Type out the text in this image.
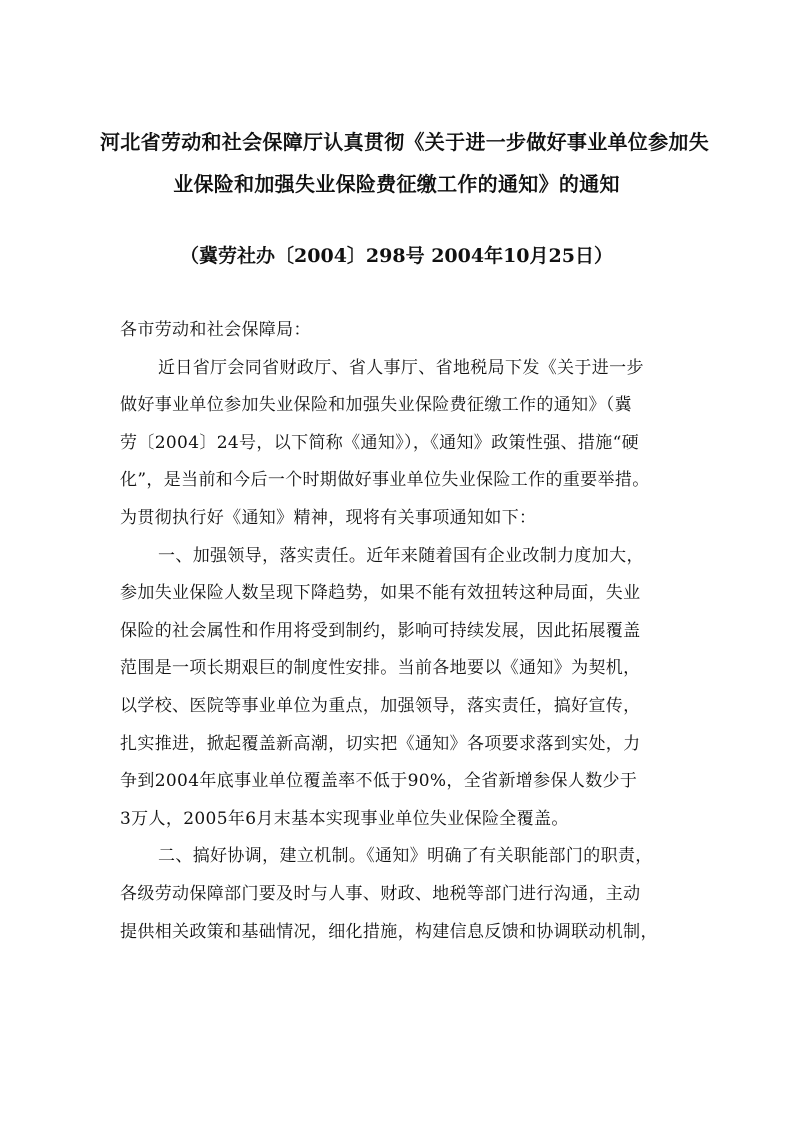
河北省劳动和社会保障厅认真贯彻《关于进一步做好事业单位参加失
业保险和加强失业保险费征缴工作的通知》的通知
（冀劳社办〔2004〕298号 2004年10月25日）
各市劳动和社会保障局：
近日省厅会同省财政厅、省人事厅、省地税局下发《关于进一步
做好事业单位参加失业保险和加强失业保险费征缴工作的通知》（冀
劳〔2004〕24号，以下简称《通知》），《通知》政策性强、措施“硬
化”，是当前和今后一个时期做好事业单位失业保险工作的重要举措。
为贯彻执行好《通知》精神，现将有关事项通知如下：
一、加强领导，落实责任。近年来随着国有企业改制力度加大，
参加失业保险人数呈现下降趋势，如果不能有效扭转这种局面，失业
保险的社会属性和作用将受到制约，影响可持续发展，因此拓展覆盖
范围是一项长期艰巨的制度性安排。当前各地要以《通知》为契机，
以学校、医院等事业单位为重点，加强领导，落实责任，搞好宣传，
扎实推进，掀起覆盖新高潮，切实把《通知》各项要求落到实处，力
争到2004年底事业单位覆盖率不低于90%，全省新增参保人数少于
3万人，2005年6月末基本实现事业单位失业保险全覆盖。
二、搞好协调，建立机制。《通知》明确了有关职能部门的职责，
各级劳动保障部门要及时与人事、财政、地税等部门进行沟通，主动
提供相关政策和基础情况，细化措施，构建信息反馈和协调联动机制，
